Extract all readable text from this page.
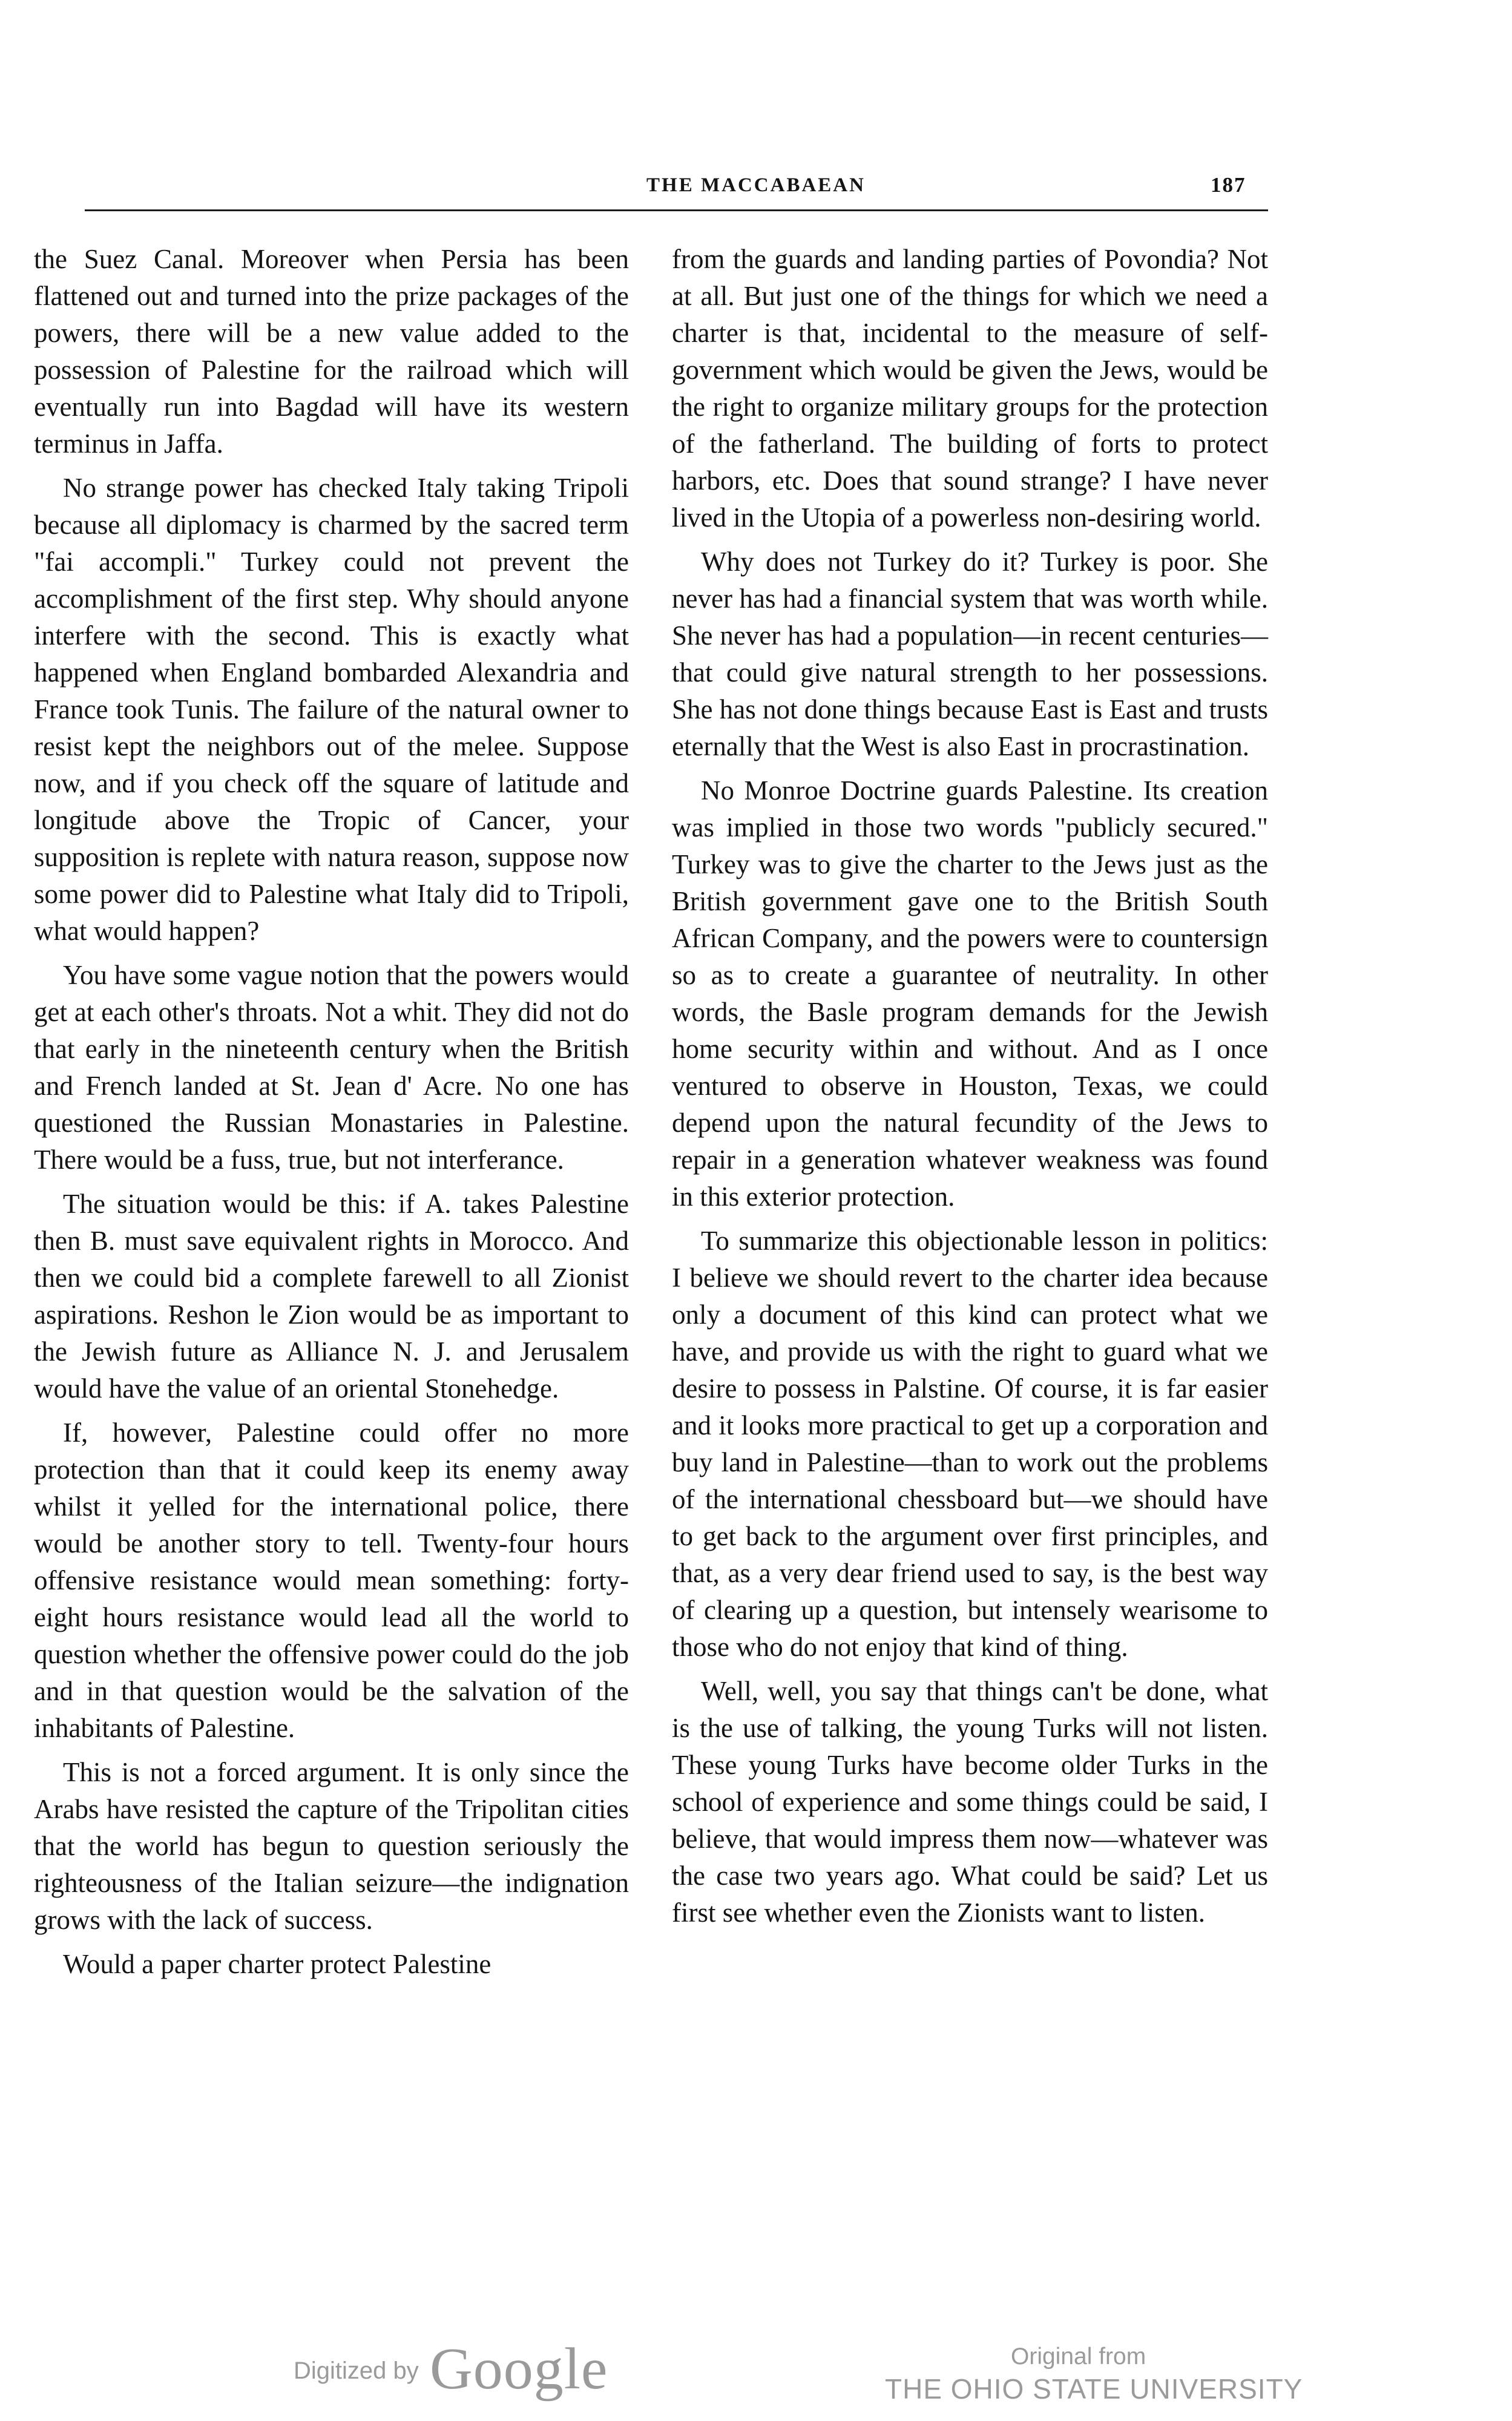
THE MACCABAEAN	187

the Suez Canal. Moreover when Persia has been flattened out and turned into the prize packages of the powers, there will be a new value added to the possession of Palestine for the railroad which will eventually run into Bagdad will have its western terminus in Jaffa.

No strange power has checked Italy taking Tripoli because all diplomacy is charmed by the sacred term "fai accompli." Turkey could not prevent the accomplishment of the first step. Why should anyone interfere with the second. This is exactly what happened when England bombarded Alexandria and France took Tunis. The failure of the natural owner to resist kept the neighbors out of the melee. Suppose now, and if you check off the square of latitude and longitude above the Tropic of Cancer, your supposition is replete with natura reason, suppose now some power did to Palestine what Italy did to Tripoli, what would happen?

You have some vague notion that the powers would get at each other's throats. Not a whit. They did not do that early in the nineteenth century when the British and French landed at St. Jean d' Acre. No one has questioned the Russian Monastaries in Palestine. There would be a fuss, true, but not interferance.

The situation would be this: if A. takes Palestine then B. must save equivalent rights in Morocco. And then we could bid a complete farewell to all Zionist aspirations. Reshon le Zion would be as important to the Jewish future as Alliance N. J. and Jerusalem would have the value of an oriental Stonehedge.

If, however, Palestine could offer no more protection than that it could keep its enemy away whilst it yelled for the international police, there would be another story to tell. Twenty-four hours offensive resistance would mean something: forty-eight hours resistance would lead all the world to question whether the offensive power could do the job and in that question would be the salvation of the inhabitants of Palestine.

This is not a forced argument. It is only since the Arabs have resisted the capture of the Tripolitan cities that the world has begun to question seriously the righteousness of the Italian seizure—the indignation grows with the lack of success.

Would a paper charter protect Palestine

from the guards and landing parties of Povondia? Not at all. But just one of the things for which we need a charter is that, incidental to the measure of self-government which would be given the Jews, would be the right to organize military groups for the protection of the fatherland. The building of forts to protect harbors, etc. Does that sound strange? I have never lived in the Utopia of a powerless non-desiring world.

Why does not Turkey do it? Turkey is poor. She never has had a financial system that was worth while. She never has had a population—in recent centuries—that could give natural strength to her possessions. She has not done things because East is East and trusts eternally that the West is also East in procrastination.

No Monroe Doctrine guards Palestine. Its creation was implied in those two words "publicly secured." Turkey was to give the charter to the Jews just as the British government gave one to the British South African Company, and the powers were to countersign so as to create a guarantee of neutrality. In other words, the Basle program demands for the Jewish home security within and without. And as I once ventured to observe in Houston, Texas, we could depend upon the natural fecundity of the Jews to repair in a generation whatever weakness was found in this exterior protection.

To summarize this objectionable lesson in politics: I believe we should revert to the charter idea because only a document of this kind can protect what we have, and provide us with the right to guard what we desire to possess in Palstine. Of course, it is far easier and it looks more practical to get up a corporation and buy land in Palestine—than to work out the problems of the international chessboard but—we should have to get back to the argument over first principles, and that, as a very dear friend used to say, is the best way of clearing up a question, but intensely wearisome to those who do not enjoy that kind of thing.

Well, well, you say that things can't be done, what is the use of talking, the young Turks will not listen. These young Turks have become older Turks in the school of experience and some things could be said, I believe, that would impress them now—whatever was the case two years ago. What could be said? Let us first see whether even the Zionists want to listen.

Digitized by Google	Original from
THE OHIO STATE UNIVERSITY
